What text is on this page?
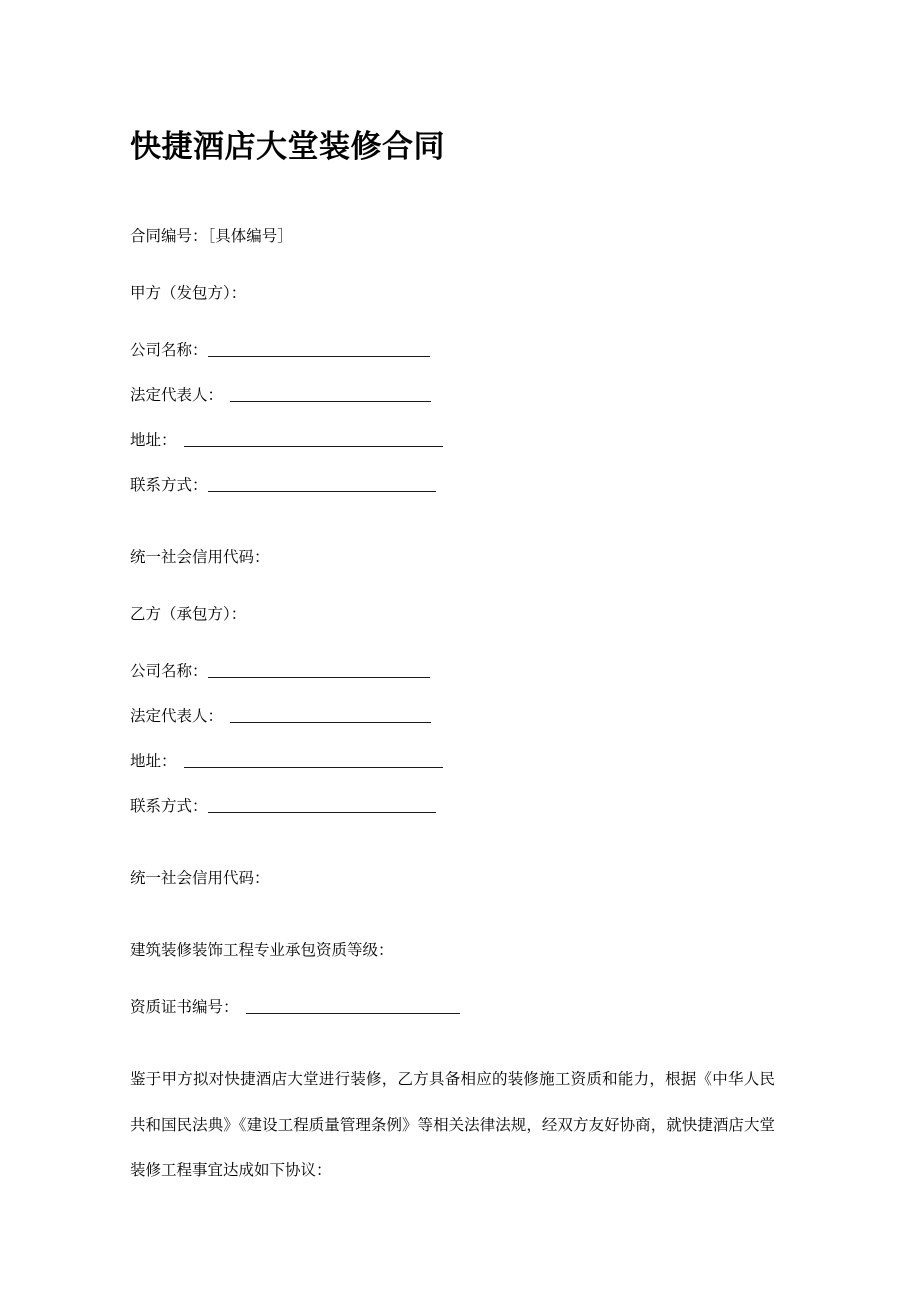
快捷酒店大堂装修合同
合同编号：［具体编号］
甲方（发包方）：
公司名称：
法定代表人：
地址：
联系方式：
统一社会信用代码：
乙方（承包方）：
公司名称：
法定代表人：
地址：
联系方式：
统一社会信用代码：
建筑装修装饰工程专业承包资质等级：
资质证书编号：

鉴于甲方拟对快捷酒店大堂进行装修，乙方具备相应的装修施工资质和能力，根据《中华人民共和国民法典》《建设工程质量管理条例》等相关法律法规，经双方友好协商，就快捷酒店大堂装修工程事宜达成如下协议：
